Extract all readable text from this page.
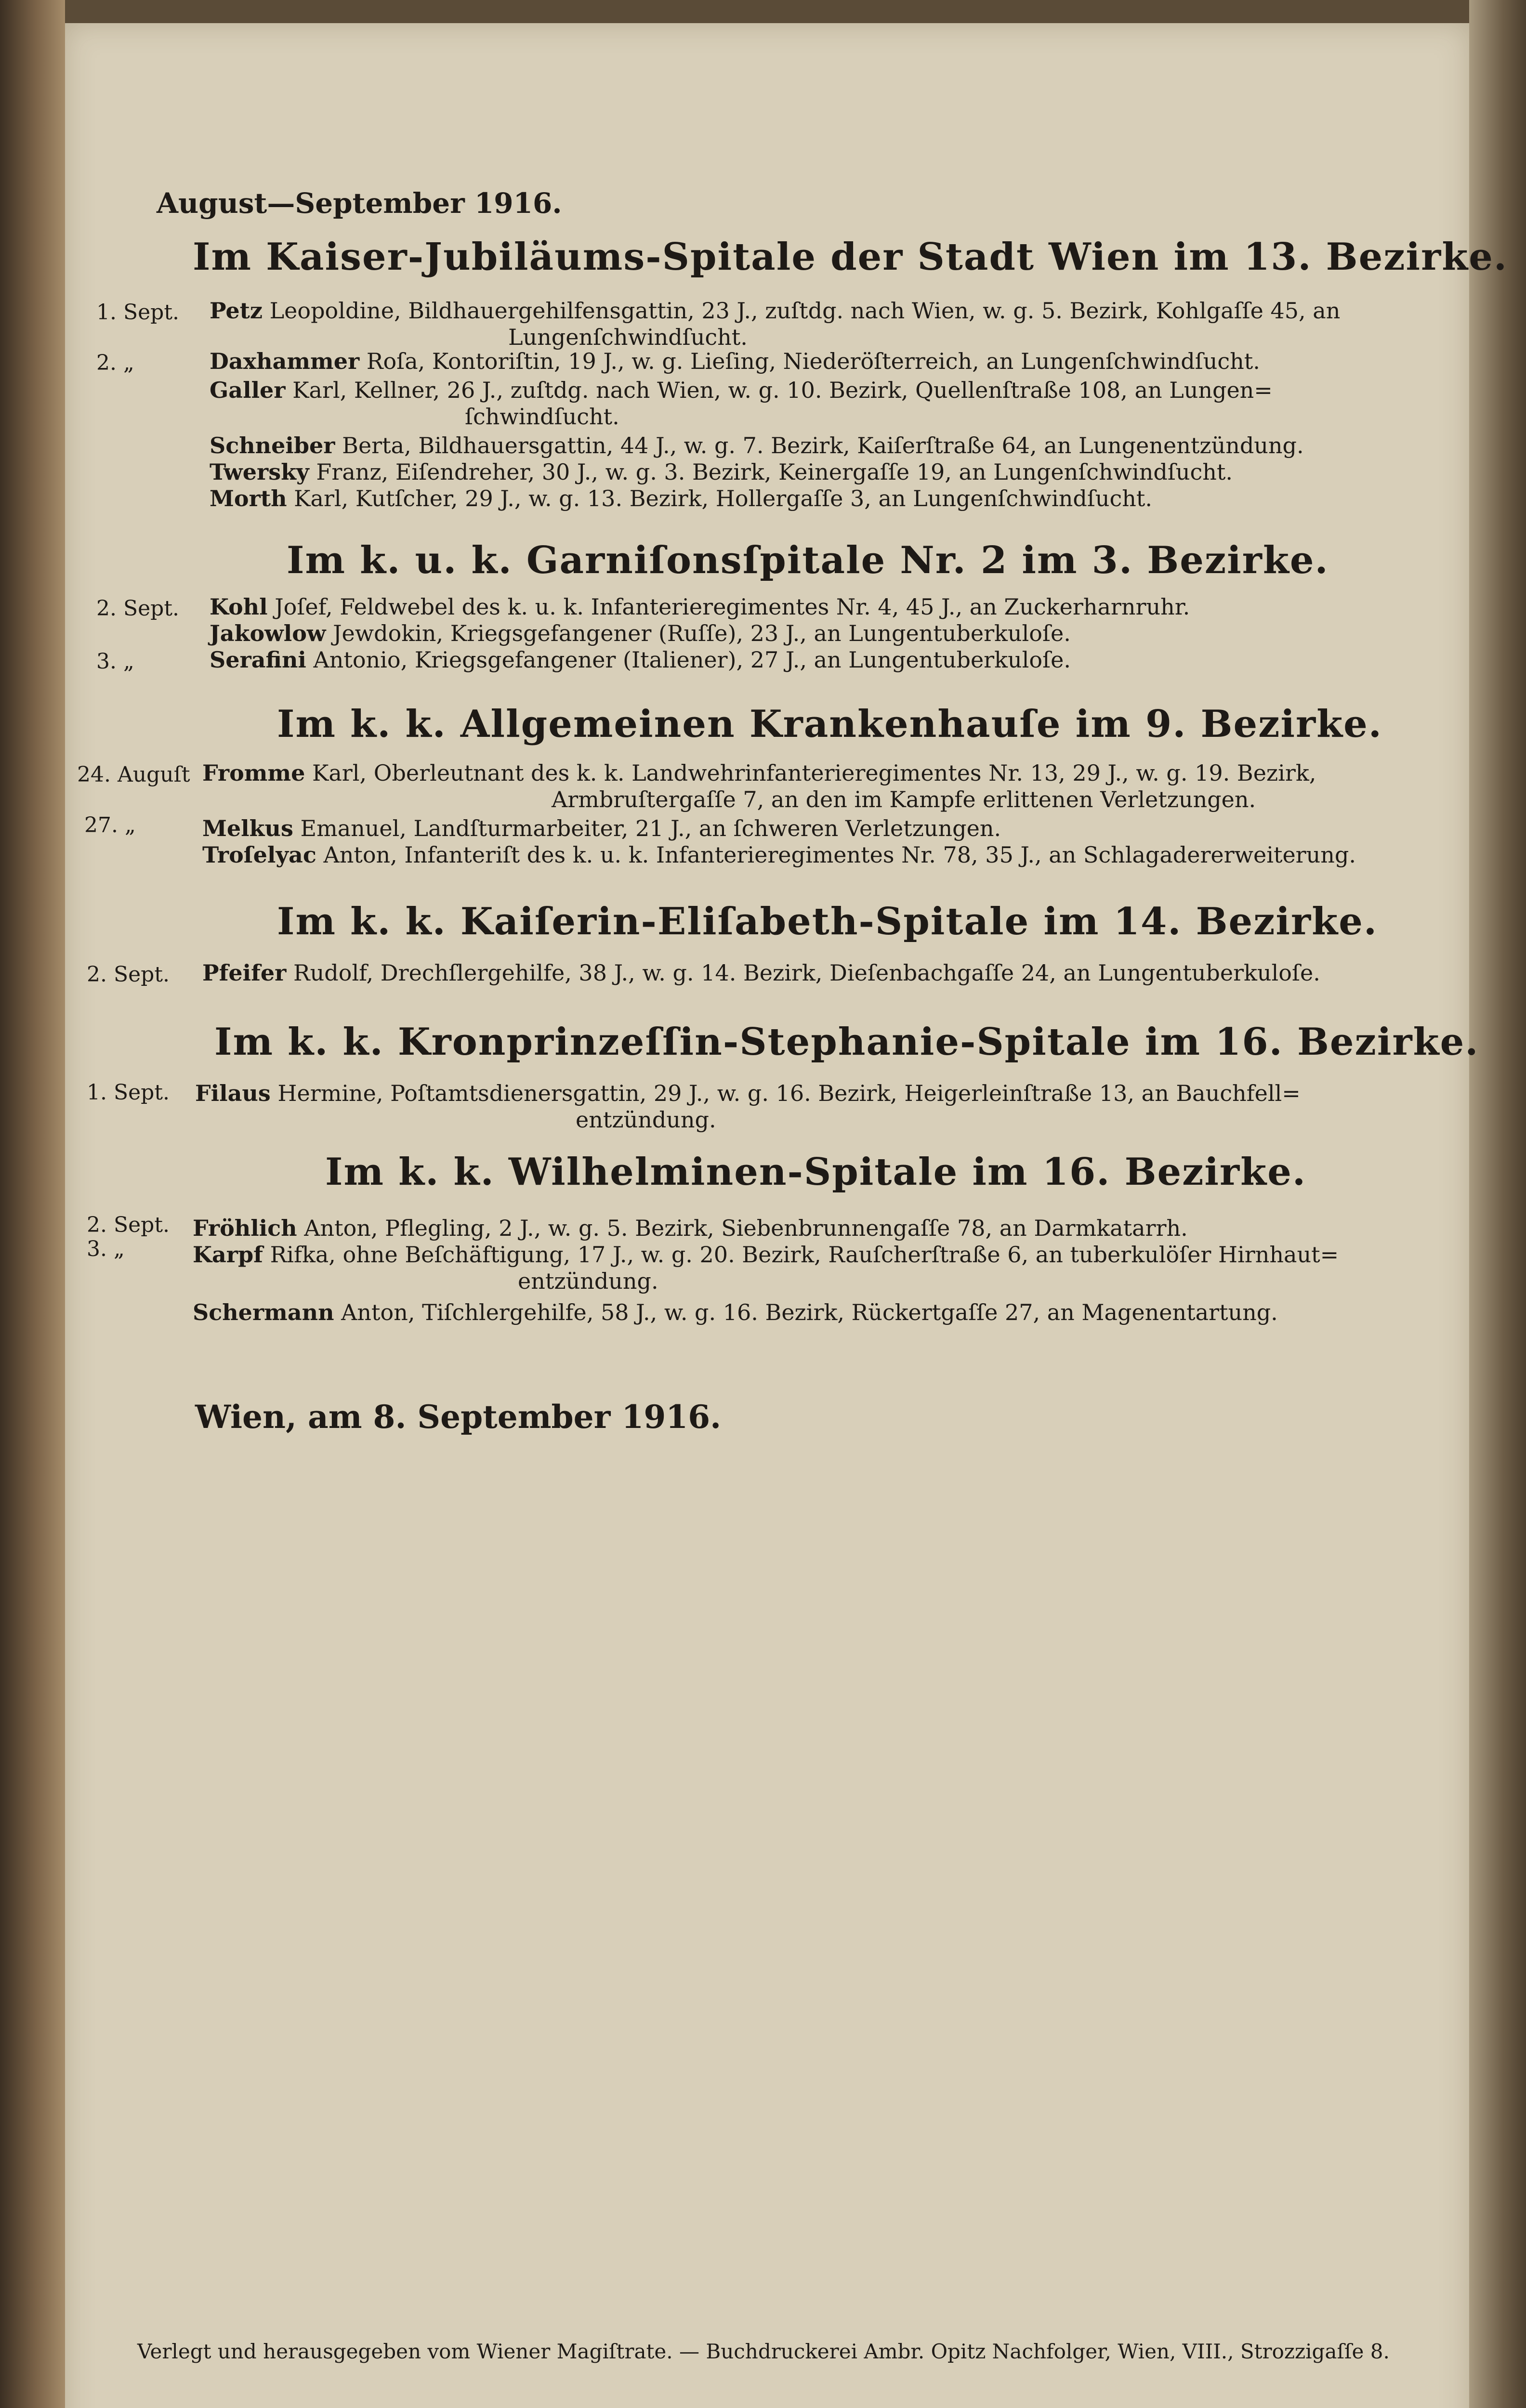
August—September 1916.
Im Kaiser-Jubiläums-Spitale der Stadt Wien im 13. Bezirke.
1. Sept. Petz Leopoldine, Bildhauergehilfensgattin, 23 J., zuſtdg. nach Wien, w. g. 5. Bezirk, Kohlgaſſe 45, an
Lungenſchwindſucht.
2. „	Daxhammer Roſa, Kontoriſtin, 19 J., w. g. Lieſing, Niederöſterreich, an Lungenſchwindſucht.
Galler Karl, Kellner, 26 J., zuſtdg. nach Wien, w. g. 10. Bezirk, Quellenſtraße 108, an Lungen=
ſchwindſucht.
Schneiber Berta, Bildhauersgattin, 44 J., w. g. 7. Bezirk, Kaiſerſtraße 64, an Lungenentzündung.
Twersky Franz, Eiſendreher, 30 J., w. g. 3. Bezirk, Keinergaſſe 19, an Lungenſchwindſucht.
Morth Karl, Kutſcher, 29 J., w. g. 13. Bezirk, Hollergaſſe 3, an Lungenſchwindſucht.
Im k. u. k. Garniſonsſpitale Nr. 2 im 3. Bezirke.
2. Sept. Kohl Joſef, Feldwebel des k. u. k. Infanterieregimentes Nr. 4, 45 J., an Zuckerharnruhr.
Jakowlow Jewdokin, Kriegsgefangener (Ruſſe), 23 J., an Lungentuberkuloſe.
3. „	Serafini Antonio, Kriegsgefangener (Italiener), 27 J., an Lungentuberkuloſe.
Im k. k. Allgemeinen Krankenhauſe im 9. Bezirke.
24. Auguſt Fromme Karl, Oberleutnant des k. k. Landwehrinfanterieregimentes Nr. 13, 29 J., w. g. 19. Bezirk,
Armbruſtergaſſe 7, an den im Kampfe erlittenen Verletzungen.
27. „	Melkus Emanuel, Landſturmarbeiter, 21 J., an ſchweren Verletzungen.
Troſelyac Anton, Infanteriſt des k. u. k. Infanterieregimentes Nr. 78, 35 J., an Schlagadererweiterung.
Im k. k. Kaiſerin-Eliſabeth-Spitale im 14. Bezirke.
2. Sept. Pfeifer Rudolf, Drechſlergehilfe, 38 J., w. g. 14. Bezirk, Dieſenbachgaſſe 24, an Lungentuberkuloſe.
Im k. k. Kronprinzeſſin-Stephanie-Spitale im 16. Bezirke.
1. Sept. Filaus Hermine, Poſtamtsdienersgattin, 29 J., w. g. 16. Bezirk, Heigerleinſtraße 13, an Bauchfell=
entzündung.
Im k. k. Wilhelminen-Spitale im 16. Bezirke.
2. Sept. Fröhlich Anton, Pflegling, 2 J., w. g. 5. Bezirk, Siebenbrunnengaſſe 78, an Darmkatarrh.
3. „	Karpf Rifka, ohne Beſchäftigung, 17 J., w. g. 20. Bezirk, Rauſcherſtraße 6, an tuberkulöſer Hirnhaut=
entzündung.
Schermann Anton, Tiſchlergehilfe, 58 J., w. g. 16. Bezirk, Rückertgaſſe 27, an Magenentartung.
Wien, am 8. September 1916.
Verlegt und herausgegeben vom Wiener Magiſtrate. — Buchdruckerei Ambr. Opitz Nachfolger, Wien, VIII., Strozzigaſſe 8.
